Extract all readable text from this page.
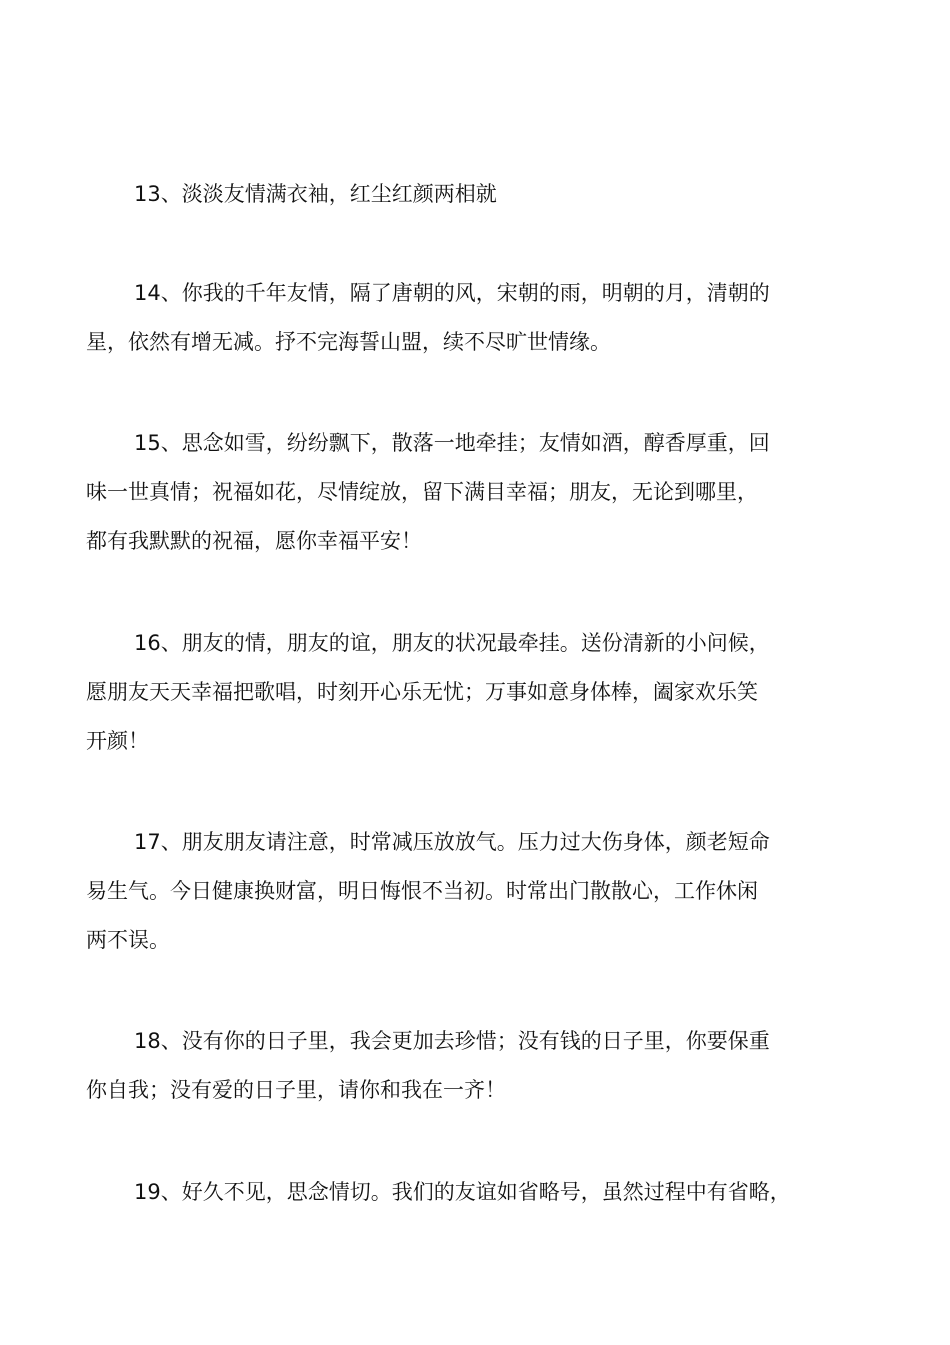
13、淡淡友情满衣袖，红尘红颜两相就
14、你我的千年友情，隔了唐朝的风，宋朝的雨，明朝的月，清朝的
星，依然有增无减。抒不完海誓山盟，续不尽旷世情缘。
15、思念如雪，纷纷飘下，散落一地牵挂；友情如酒，醇香厚重，回
味一世真情；祝福如花，尽情绽放，留下满目幸福；朋友，无论到哪里，
都有我默默的祝福，愿你幸福平安！
16、朋友的情，朋友的谊，朋友的状况最牵挂。送份清新的小问候，
愿朋友天天幸福把歌唱，时刻开心乐无忧；万事如意身体棒，阖家欢乐笑
开颜！
17、朋友朋友请注意，时常减压放放气。压力过大伤身体，颜老短命
易生气。今日健康换财富，明日悔恨不当初。时常出门散散心，工作休闲
两不误。
18、没有你的日子里，我会更加去珍惜；没有钱的日子里，你要保重
你自我；没有爱的日子里，请你和我在一齐！
19、好久不见，思念情切。我们的友谊如省略号，虽然过程中有省略，
